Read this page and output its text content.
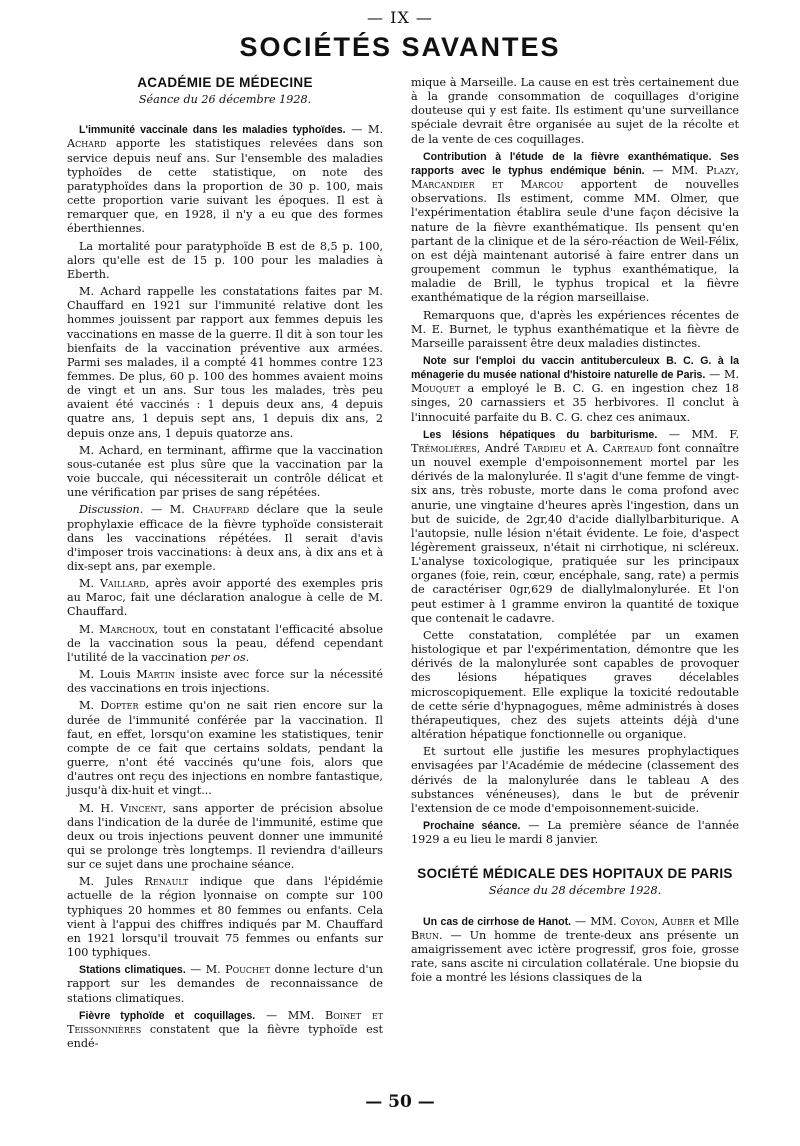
— IX —
SOCIÉTÉS SAVANTES
ACADÉMIE DE MÉDECINE
Séance du 26 décembre 1928.

L'immunité vaccinale dans les maladies typhoïdes. — M. Achard apporte les statistiques relevées dans son service depuis neuf ans. Sur l'ensemble des maladies typhoïdes de cette statistique, on note des paratyphoïdes dans la proportion de 30 p. 100, mais cette proportion varie suivant les époques. Il est à remarquer que, en 1928, il n'y a eu que des formes éberthiennes.

La mortalité pour paratyphoïde B est de 8,5 p. 100, alors qu'elle est de 15 p. 100 pour les maladies à Eberth.

M. Achard rappelle les constatations faites par M. Chauffard en 1921 sur l'immunité relative dont les hommes jouissent par rapport aux femmes depuis les vaccinations en masse de la guerre. Il dit à son tour les bienfaits de la vaccination préventive aux armées. Parmi ses malades, il a compté 41 hommes contre 123 femmes. De plus, 60 p. 100 des hommes avaient moins de vingt et un ans. Sur tous les malades, très peu avaient été vaccinés : 1 depuis deux ans, 4 depuis quatre ans, 1 depuis sept ans, 1 depuis dix ans, 2 depuis onze ans, 1 depuis quatorze ans.

M. Achard, en terminant, affirme que la vaccination sous-cutanée est plus sûre que la vaccination par la voie buccale, qui nécessiterait un contrôle délicat et une vérification par prises de sang répétées.

Discussion. — M. Chauffard déclare que la seule prophylaxie efficace de la fièvre typhoïde consisterait dans les vaccinations répétées. Il serait d'avis d'imposer trois vaccinations: à deux ans, à dix ans et à dix-sept ans, par exemple.

M. Vaillard, après avoir apporté des exemples pris au Maroc, fait une déclaration analogue à celle de M. Chauffard.

M. Marchoux, tout en constatant l'efficacité absolue de la vaccination sous la peau, défend cependant l'utilité de la vaccination per os.

M. Louis Martin insiste avec force sur la nécessité des vaccinations en trois injections.

M. Dopter estime qu'on ne sait rien encore sur la durée de l'immunité conférée par la vaccination. Il faut, en effet, lorsqu'on examine les statistiques, tenir compte de ce fait que certains soldats, pendant la guerre, n'ont été vaccinés qu'une fois, alors que d'autres ont reçu des injections en nombre fantastique, jusqu'à dix-huit et vingt...

M. H. Vincent, sans apporter de précision absolue dans l'indication de la durée de l'immunité, estime que deux ou trois injections peuvent donner une immunité qui se prolonge très longtemps. Il reviendra d'ailleurs sur ce sujet dans une prochaine séance.

M. Jules Renault indique que dans l'épidémie actuelle de la région lyonnaise on compte sur 100 typhiques 20 hommes et 80 femmes ou enfants. Cela vient à l'appui des chiffres indiqués par M. Chauffard en 1921 lorsqu'il trouvait 75 femmes ou enfants sur 100 typhiques.

Stations climatiques. — M. Pouchet donne lecture d'un rapport sur les demandes de reconnaissance de stations climatiques.

Fièvre typhoïde et coquillages. — MM. Boinet et Teissonnières constatent que la fièvre typhoïde est endé-

mique à Marseille. La cause en est très certainement due à la grande consommation de coquillages d'origine douteuse qui y est faite. Ils estiment qu'une surveillance spéciale devrait être organisée au sujet de la récolte et de la vente de ces coquillages.

Contribution à l'étude de la fièvre exanthématique. Ses rapports avec le typhus endémique bénin. — MM. Plazy, Marcandier et Marcou apportent de nouvelles observations. Ils estiment, comme MM. Olmer, que l'expérimentation établira seule d'une façon décisive la nature de la fièvre exanthématique. Ils pensent qu'en partant de la clinique et de la séro-réaction de Weil-Félix, on est déjà maintenant autorisé à faire entrer dans un groupement commun le typhus exanthématique, la maladie de Brill, le typhus tropical et la fièvre exanthématique de la région marseillaise.

Remarquons que, d'après les expériences récentes de M. E. Burnet, le typhus exanthématique et la fièvre de Marseille paraissent être deux maladies distinctes.

Note sur l'emploi du vaccin antituberculeux B. C. G. à la ménagerie du musée national d'histoire naturelle de Paris. — M. Mouquet a employé le B. C. G. en ingestion chez 18 singes, 20 carnassiers et 35 herbivores. Il conclut à l'innocuité parfaite du B. C. G. chez ces animaux.

Les lésions hépatiques du barbiturisme. — MM. F. Trémolières, André Tardieu et A. Carteaud font connaître un nouvel exemple d'empoisonnement mortel par les dérivés de la malonylurée. Il s'agit d'une femme de vingt-six ans, très robuste, morte dans le coma profond avec anurie, une vingtaine d'heures après l'ingestion, dans un but de suicide, de 2gr,40 d'acide diallylbarbiturique. A l'autopsie, nulle lésion n'était évidente. Le foie, d'aspect légèrement graisseux, n'était ni cirrhotique, ni scléreux. L'analyse toxicologique, pratiquée sur les principaux organes (foie, rein, cœur, encéphale, sang, rate) a permis de caractériser 0gr,629 de diallylmalonylurée. Et l'on peut estimer à 1 gramme environ la quantité de toxique que contenait le cadavre.

Cette constatation, complétée par un examen histologique et par l'expérimentation, démontre que les dérivés de la malonylurée sont capables de provoquer des lésions hépatiques graves décelables microscopiquement. Elle explique la toxicité redoutable de cette série d'hypnagogues, même administrés à doses thérapeutiques, chez des sujets atteints déjà d'une altération hépatique fonctionnelle ou organique.

Et surtout elle justifie les mesures prophylactiques envisagées par l'Académie de médecine (classement des dérivés de la malonylurée dans le tableau A des substances vénéneuses), dans le but de prévenir l'extension de ce mode d'empoisonnement-suicide.

Prochaine séance. — La première séance de l'année 1929 a eu lieu le mardi 8 janvier.

SOCIÉTÉ MÉDICALE DES HOPITAUX DE PARIS
Séance du 28 décembre 1928.

Un cas de cirrhose de Hanot. — MM. Coyon, Auber et Mlle Brun. — Un homme de trente-deux ans présente un amaigrissement avec ictère progressif, gros foie, grosse rate, sans ascite ni circulation collatérale. Une biopsie du foie a montré les lésions classiques de la

— 50 —
